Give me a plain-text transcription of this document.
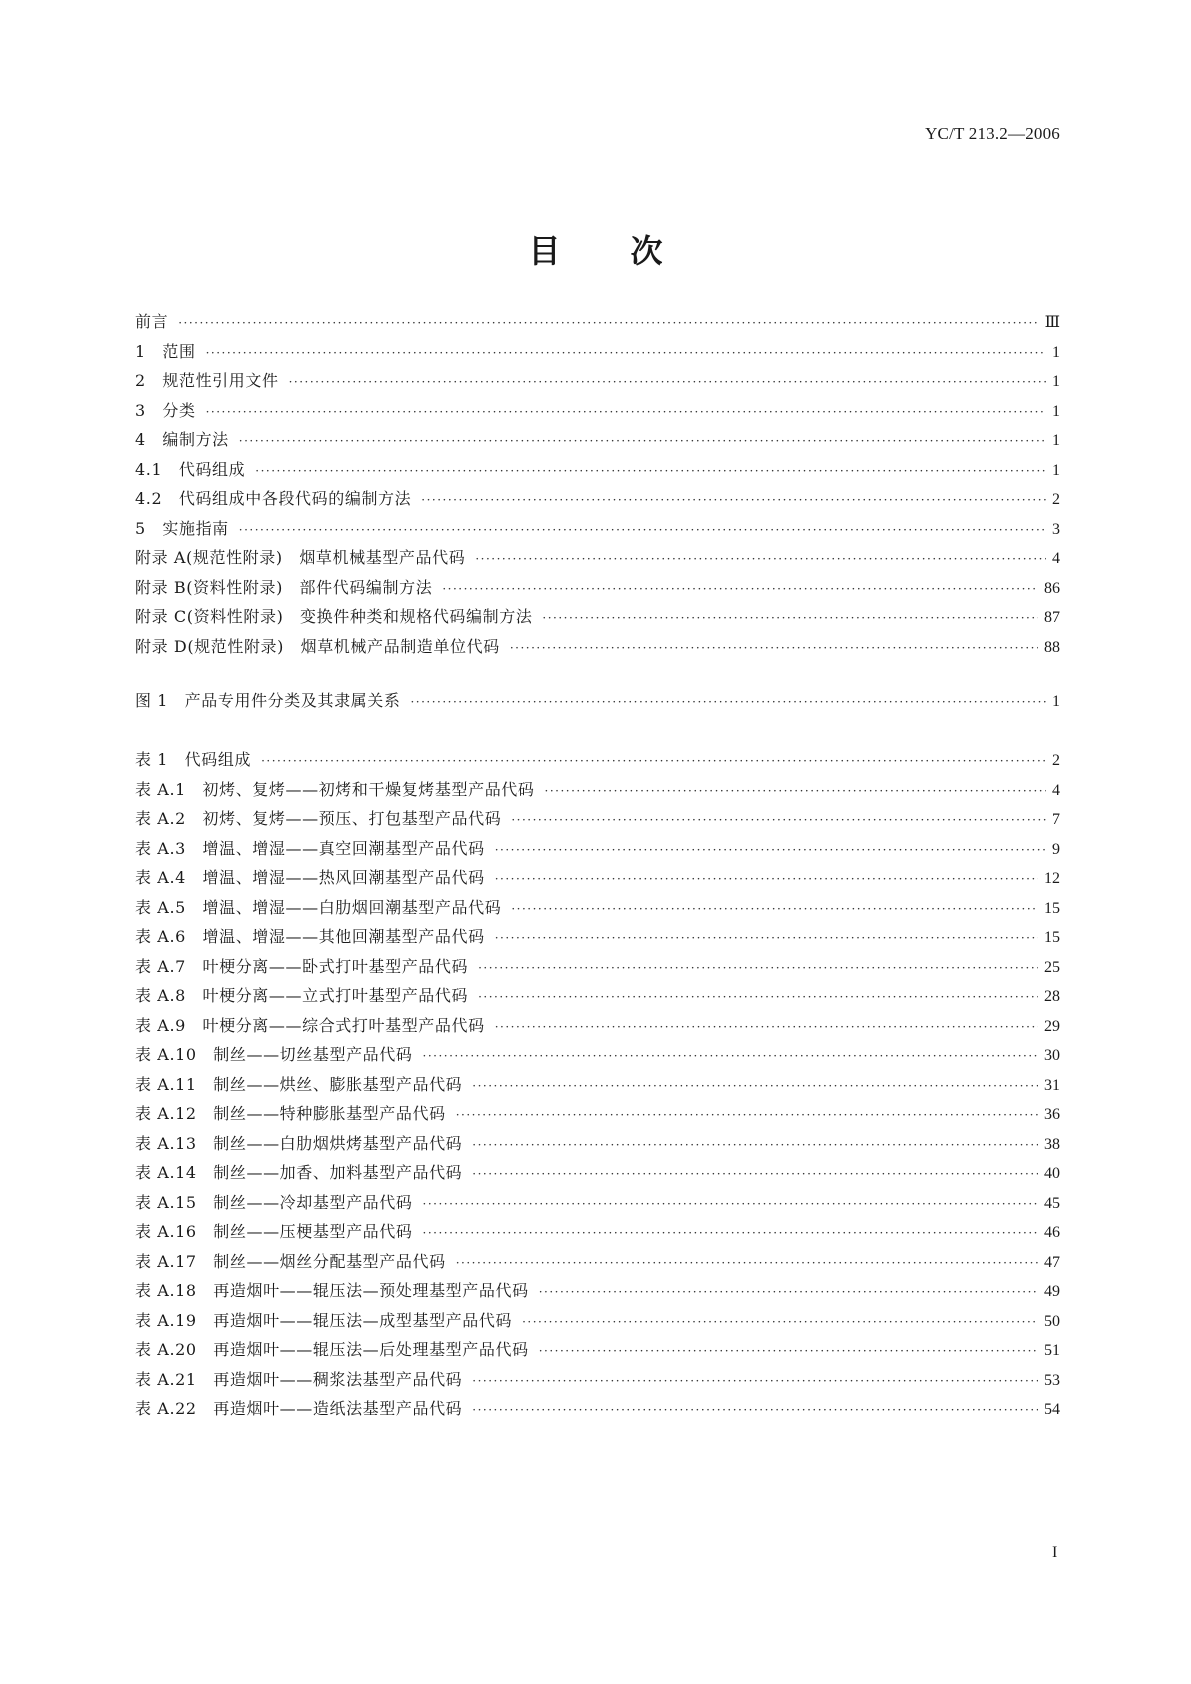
YC/T 213.2—2006
目次
前言 ·····	Ⅲ
1　范围 ·····	1
2　规范性引用文件 ·····	1
3　分类 ·····	1
4　编制方法 ·····	1
4.1　代码组成 ·····	1
4.2　代码组成中各段代码的编制方法 ·····	2
5　实施指南 ·····	3
附录 A(规范性附录)　烟草机械基型产品代码 ·····	4
附录 B(资料性附录)　部件代码编制方法 ·····	86
附录 C(资料性附录)　变换件种类和规格代码编制方法 ·····	87
附录 D(规范性附录)　烟草机械产品制造单位代码 ·····	88
图 1　产品专用件分类及其隶属关系 ·····	1
表 1　代码组成 ·····	2
表 A.1　初烤、复烤——初烤和干燥复烤基型产品代码 ·····	4
表 A.2　初烤、复烤——预压、打包基型产品代码 ·····	7
表 A.3　增温、增湿——真空回潮基型产品代码 ·····	9
表 A.4　增温、增湿——热风回潮基型产品代码 ·····	12
表 A.5　增温、增湿——白肋烟回潮基型产品代码 ·····	15
表 A.6　增温、增湿——其他回潮基型产品代码 ·····	15
表 A.7　叶梗分离——卧式打叶基型产品代码 ·····	25
表 A.8　叶梗分离——立式打叶基型产品代码 ·····	28
表 A.9　叶梗分离——综合式打叶基型产品代码 ·····	29
表 A.10　制丝——切丝基型产品代码 ·····	30
表 A.11　制丝——烘丝、膨胀基型产品代码 ·····	31
表 A.12　制丝——特种膨胀基型产品代码 ·····	36
表 A.13　制丝——白肋烟烘烤基型产品代码 ·····	38
表 A.14　制丝——加香、加料基型产品代码 ·····	40
表 A.15　制丝——冷却基型产品代码 ·····	45
表 A.16　制丝——压梗基型产品代码 ·····	46
表 A.17　制丝——烟丝分配基型产品代码 ·····	47
表 A.18　再造烟叶——辊压法—预处理基型产品代码 ·····	49
表 A.19　再造烟叶——辊压法—成型基型产品代码 ·····	50
表 A.20　再造烟叶——辊压法—后处理基型产品代码 ·····	51
表 A.21　再造烟叶——稠浆法基型产品代码 ·····	53
表 A.22　再造烟叶——造纸法基型产品代码 ·····	54
I
